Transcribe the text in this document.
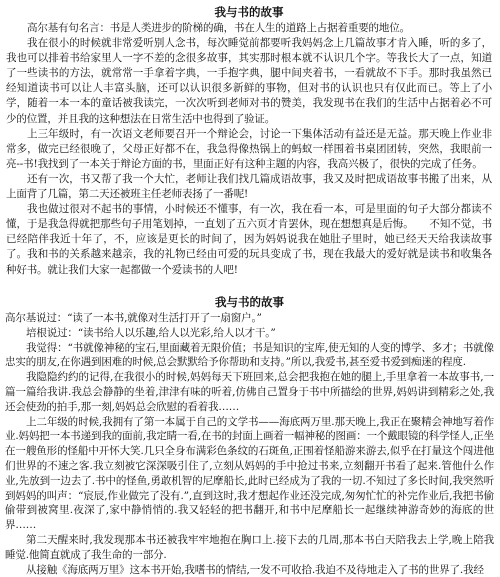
我与书的故事

高尔基有句名言：书是人类进步的阶梯的确，书在人生的道路上占据着重要的地位。

我在很小的时候就非常爱听别人念书，每次睡觉前都要听我妈妈念上几篇故事才肯入睡，听的多了，我也可以排着书给家里人一字不差的念很多故事，其实那时根本就不认识几个字。等我长大了一点，知道了一些读书的方法，就常常一手拿着字典，一手抱字典，腿中间夹着书，一看就故不下手。那时我虽然已经知道读书可以让人丰富头脑，还可以认识很多新鲜的事物，但对书的认识也只有仅此而已。等上了小学，随着一本一本的童话被我读完，一次次听到老师对书的赞美，我发现书在我们的生活中占据着必不可少的位置，并且我的这种想法在日常生活中也得到了验证。

上三年级时，有一次语文老师要召开一个辩论会，讨论一下集体活动有益还是无益。那天晚上作业非常多，做完已经很晚了，父母正好都不在，我急得像热锅上的蚂蚁一样围着书桌团团转，突然，我眼前一亮--书!我找到了一本关于辩论方面的书，里面正好有这种主题的内容，我高兴极了，很快的完成了任务。

还有一次，书又帮了我一个大忙，老师让我们找几篇成语故事，我又及时把成语故事书搬了出来，从上面背了几篇，第二天还被班主任老师表扬了一番呢!

我也做过很对不起书的事情，小时候还不懂事，有一次，我在看一本，可是里面的句子大部分都读不懂，于是我急得就把那些句子用笔划掉，一直划了五六页才肯罢休，现在想想真是后悔。　　不知不觉，书已经陪伴我近十年了，不，应该是更长的时间了，因为妈妈说我在她肚子里时，她已经天天给我读故事了。我和书的关系越来越亲，我的礼物已经由可爱的玩具变成了书，现在我最大的爱好就是读书和收集各种好书。就让我们大家一起都做一个爱读书的人吧!

我与书的故事

高尔基说过：“读了一本书,就像对生活打开了一扇窗户。”

培根说过：“读书给人以乐趣,给人以光彩,给人以才干。”

我觉得：“书就像神秘的宝石,里面藏着无限价值；书是知识的宝库,使无知的人变的博学、多才；书就像忠实的朋友,在你遇到困难的时候,总会默默给予你帮助和支持。”所以,我爱书,甚至爱书爱到痴迷的程度.

我隐隐约约的记得,在我很小的时候,妈妈每天下班回来,总会把我抱在她的腿上,手里拿着一本故事书,一篇一篇给我讲.我总会静静的坐着,津津有味的听着,仿佛自己置身于书中所描绘的世界,妈妈讲到精彩之处,我还会使劲的拍手,那一刻,妈妈总会欣慰的看着我……

上二年级的时候,我拥有了第一本属于自己的文学书——海底两万里.那天晚上,我正在聚精会神地写着作业.妈妈把一本书递到我的面前,我定睛一看,在书的封面上画着一幅神秘的图画：一个戴眼镜的科学怪人,正坐在一艘鱼形的怪船中开怀大笑.几只全身布满彩色条纹的石斑鱼,正围着怪船游来游去,似乎在打量这个闯进他们世界的不速之客.我立刻被它深深吸引住了,立刻从妈妈的手中抢过书来,立刻翻开书看了起来.管他什么作业,先放到一边去了.书中的怪鱼,勇敢机智的尼摩船长,此时已经成为了我的一切.不知过了多长时间,我突然听到妈妈的叫声：“宸辰,作业做完了没有.”,直到这时,我才想起作业还没完成,匆匆忙忙的补完作业后,我把书偷偷带到被窝里.夜深了,家中静悄悄的.我又轻轻的把书翻开,和书中尼摩船长一起继续神游奇妙的海底的世界……

第二天醒来时,我发现那本书还被我牢牢地抱在胸口上.接下去的几周,那本书白天陪我去上学,晚上陪我睡觉.他简直就成了我生命的一部分.

从接触《海底两万里》这本书开始,我嗜书的情结,一发不可收拾.我迫不及待地走入了书的世界了.我经
